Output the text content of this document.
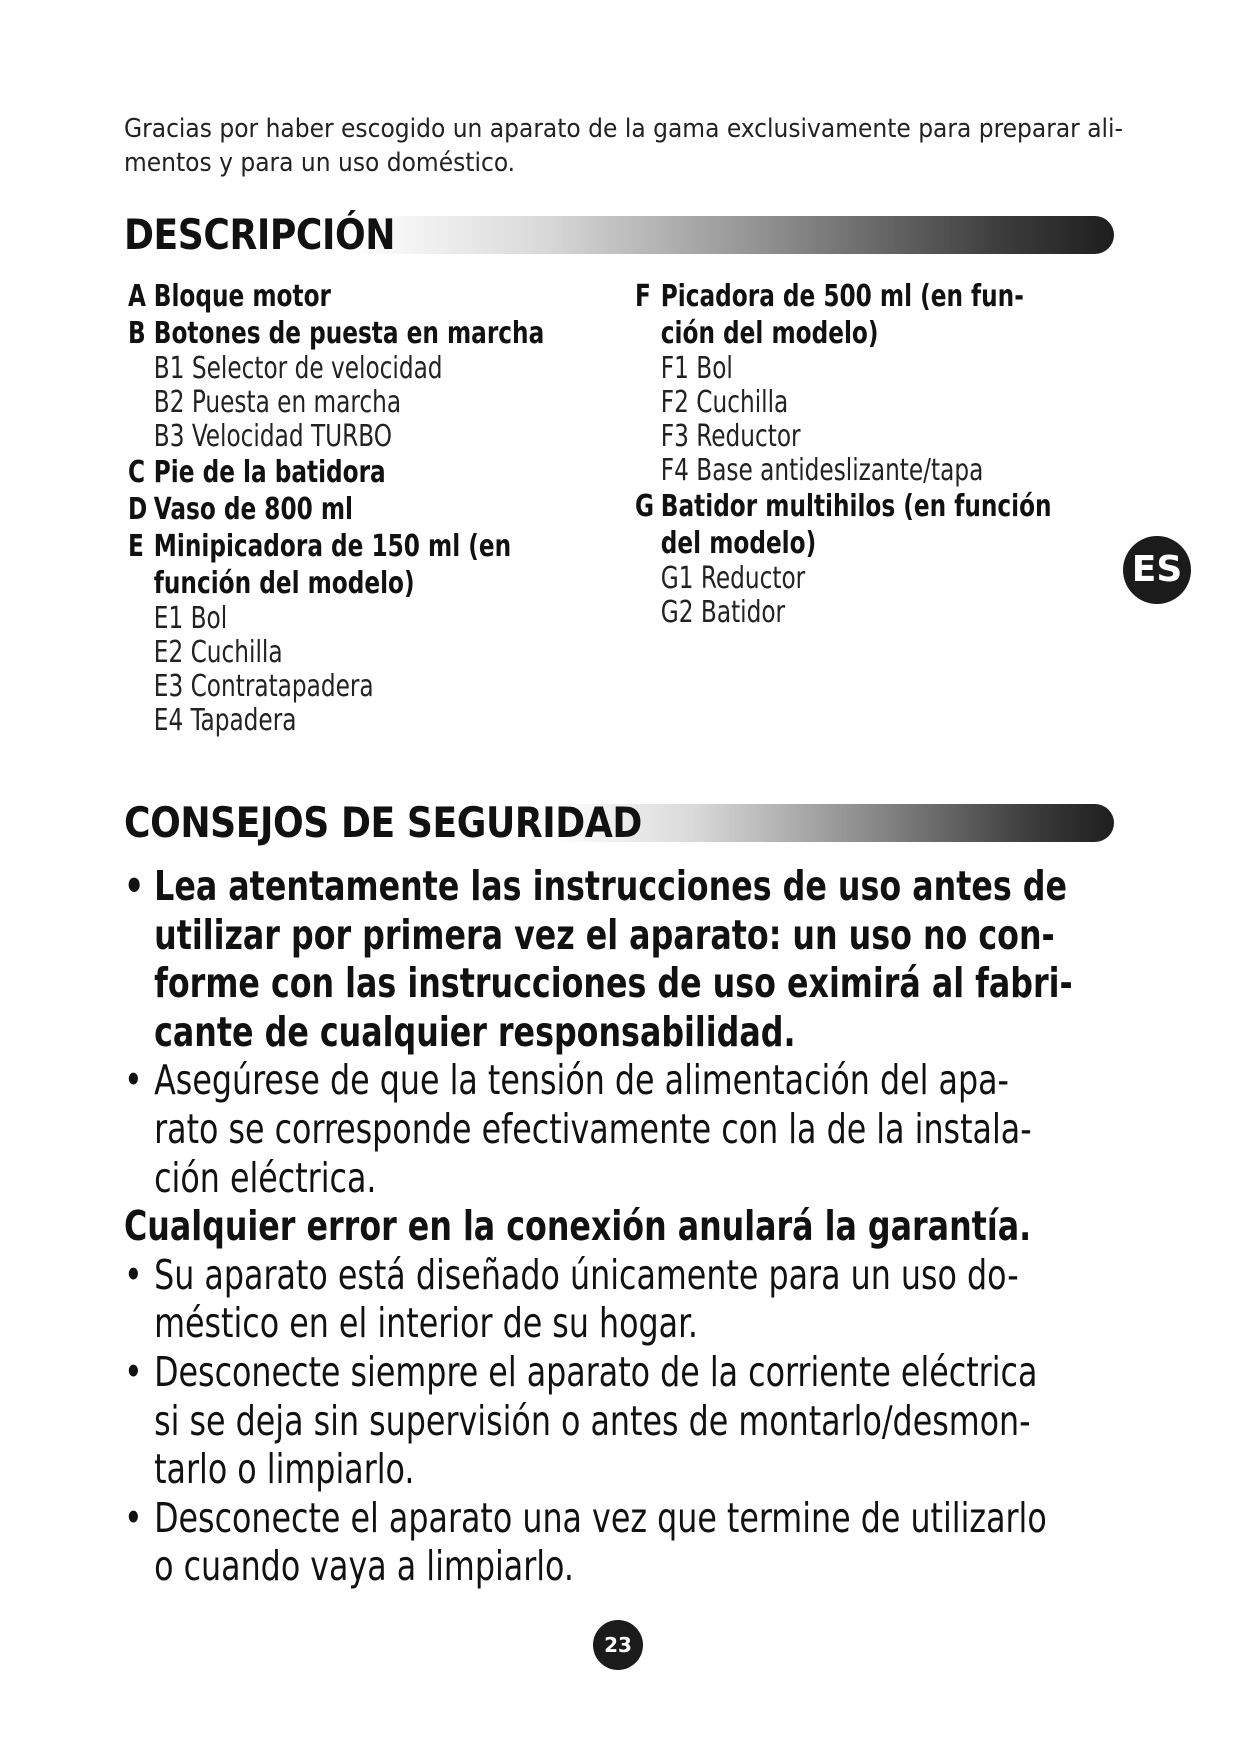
Gracias por haber escogido un aparato de la gama exclusivamente para preparar ali-
mentos y para un uso doméstico.
DESCRIPCIÓN
A Bloque motor
B Botones de puesta en marcha
B1 Selector de velocidad
B2 Puesta en marcha
B3 Velocidad TURBO
C Pie de la batidora
D Vaso de 800 ml
E Minipicadora de 150 ml (en
función del modelo)
E1 Bol
E2 Cuchilla
E3 Contratapadera
E4 Tapadera
F Picadora de 500 ml (en fun-
ción del modelo)
F1 Bol
F2 Cuchilla
F3 Reductor
F4 Base antideslizante/tapa
G Batidor multihilos (en función
del modelo)
G1 Reductor
G2 Batidor
ES
CONSEJOS DE SEGURIDAD
• Lea atentamente las instrucciones de uso antes de
utilizar por primera vez el aparato: un uso no con-
forme con las instrucciones de uso eximirá al fabri-
cante de cualquier responsabilidad.
• Asegúrese de que la tensión de alimentación del apa-
rato se corresponde efectivamente con la de la instala-
ción eléctrica.
Cualquier error en la conexión anulará la garantía.
• Su aparato está diseñado únicamente para un uso do-
méstico en el interior de su hogar.
• Desconecte siempre el aparato de la corriente eléctrica
si se deja sin supervisión o antes de montarlo/desmon-
tarlo o limpiarlo.
• Desconecte el aparato una vez que termine de utilizarlo
o cuando vaya a limpiarlo.
23
